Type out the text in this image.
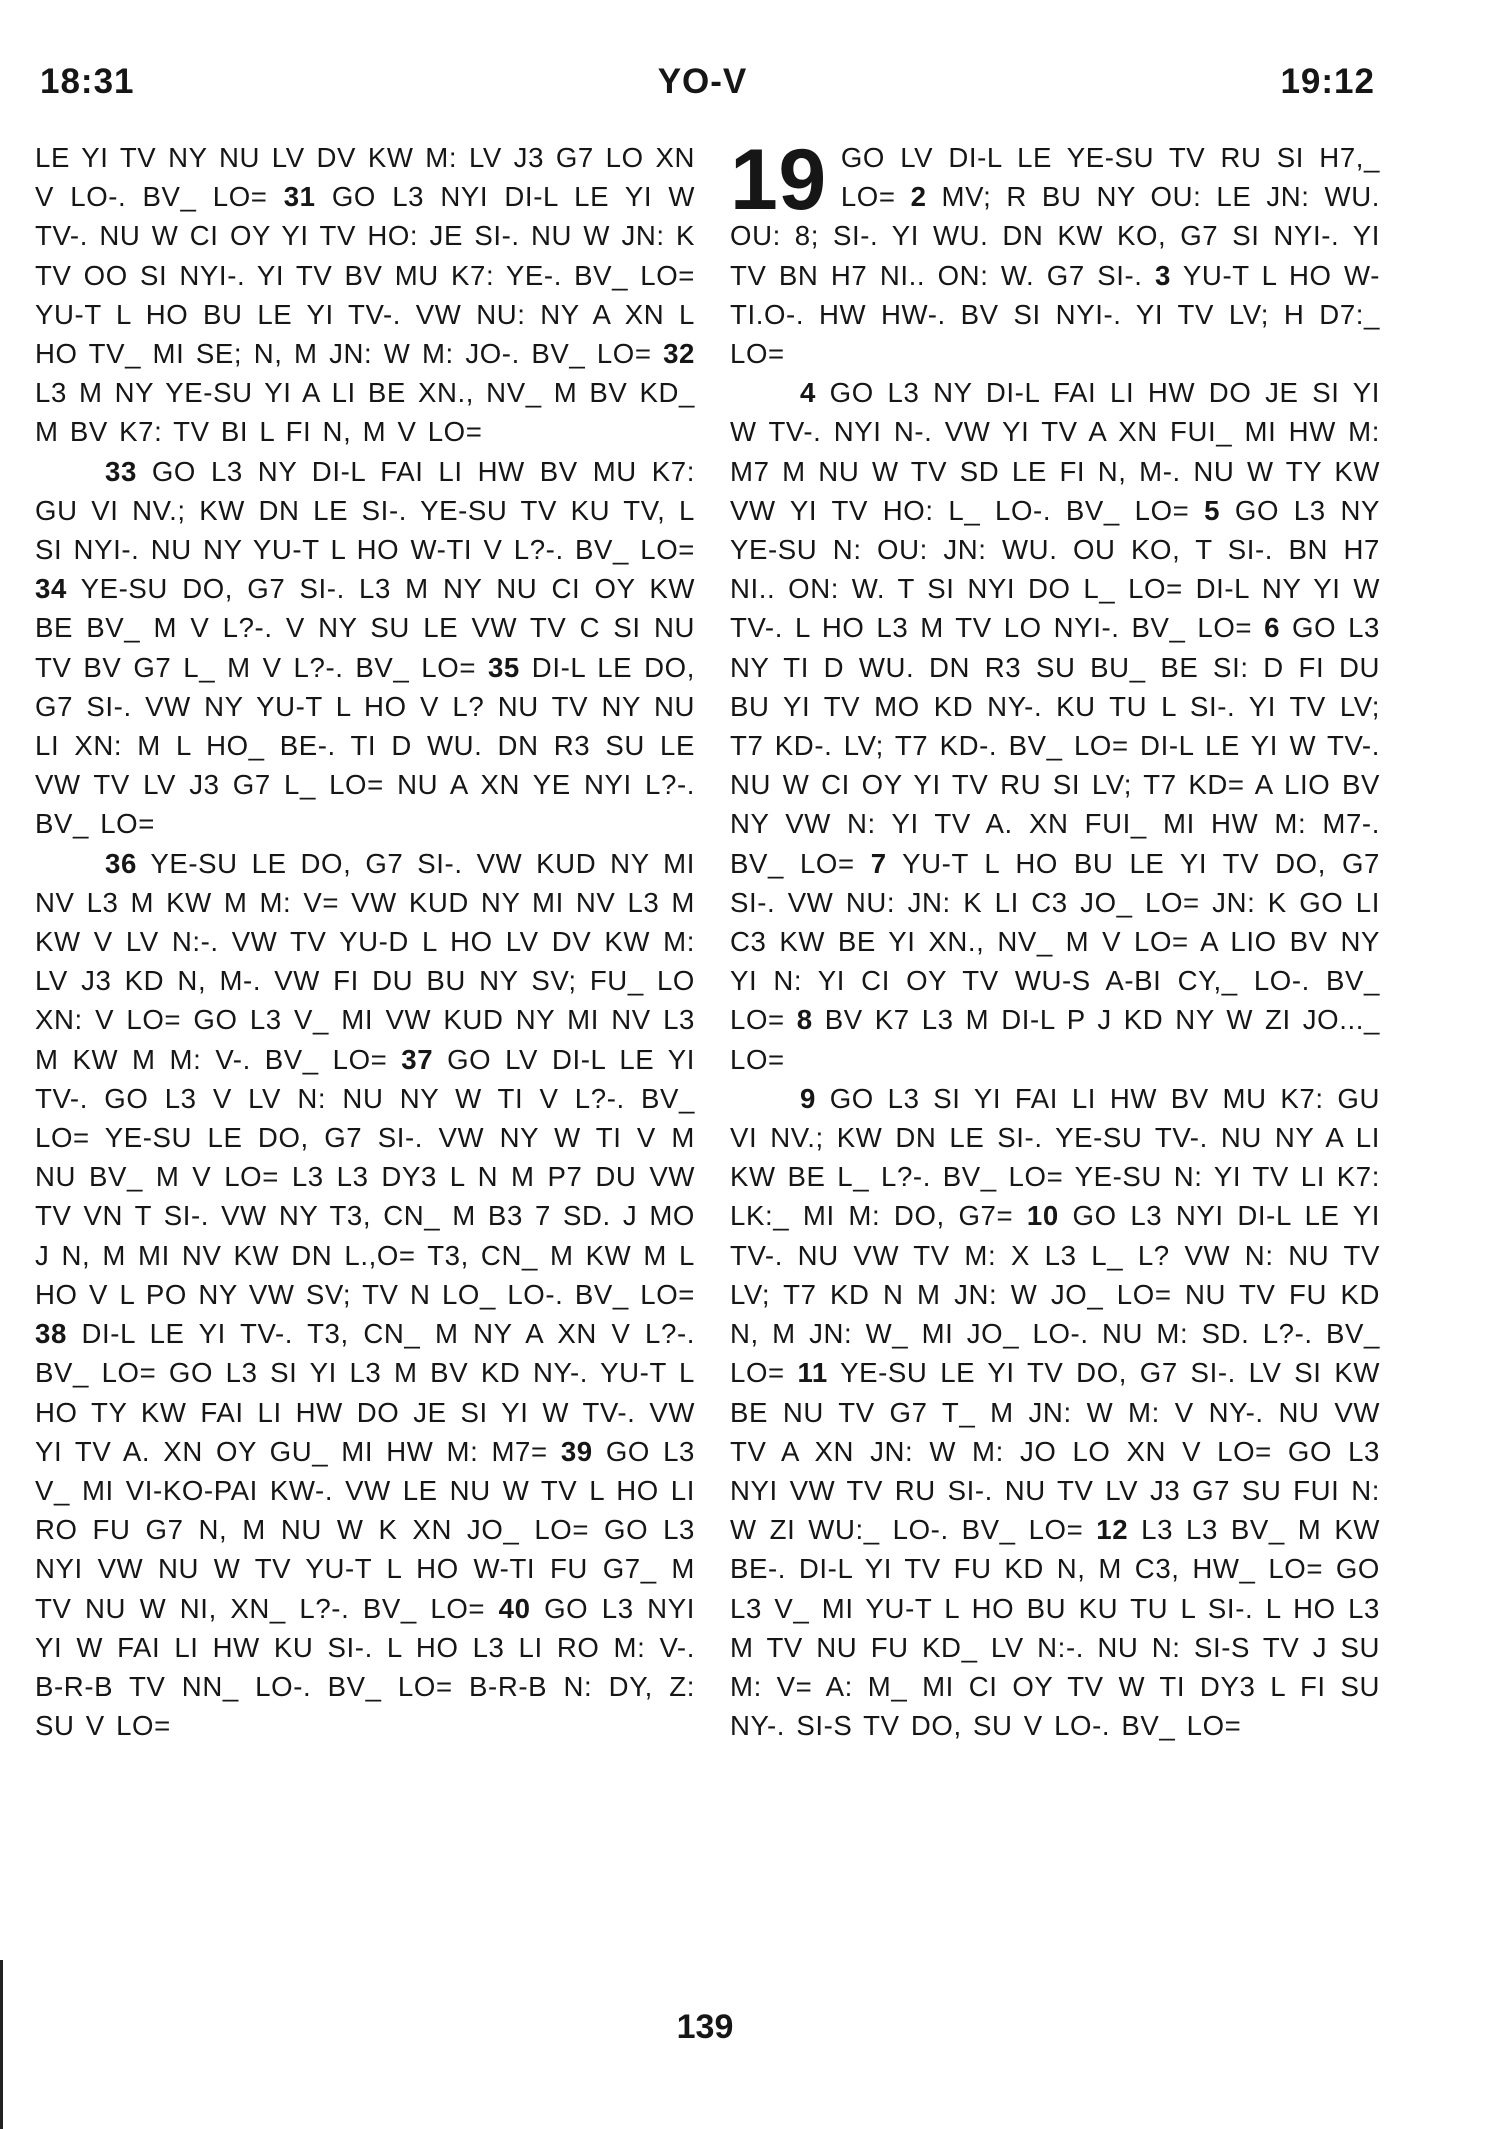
18:31	YO-V	19:12

LE YI TV NY NU LV DV KW M: LV J3 G7 LO XN V LO-. BV_ LO= 31 GO L3 NYI DI-L LE YI W TV-. NU W CI OY YI TV HO: JE SI-. NU W JN: K TV OO SI NYI-. YI TV BV MU K7: YE-. BV_ LO= YU-T L HO BU LE YI TV-. VW NU: NY A XN L HO TV_ MI SE; N, M JN: W M: JO-. BV_ LO= 32 L3 M NY YE-SU YI A LI BE XN., NV_ M BV KD_ M BV K7: TV BI L FI N, M V LO=

33 GO L3 NY DI-L FAI LI HW BV MU K7: GU VI NV.; KW DN LE SI-. YE-SU TV KU TV, L SI NYI-. NU NY YU-T L HO W-TI V L?-. BV_ LO= 34 YE-SU DO, G7 SI-. L3 M NY NU CI OY KW BE BV_ M V L?-. V NY SU LE VW TV C SI NU TV BV G7 L_ M V L?-. BV_ LO= 35 DI-L LE DO, G7 SI-. VW NY YU-T L HO V L? NU TV NY NU LI XN: M L HO_ BE-. TI D WU. DN R3 SU LE VW TV LV J3 G7 L_ LO= NU A XN YE NYI L?-. BV_ LO=

36 YE-SU LE DO, G7 SI-. VW KUD NY MI NV L3 M KW M M: V= VW KUD NY MI NV L3 M KW V LV N:-. VW TV YU-D L HO LV DV KW M: LV J3 KD N, M-. VW FI DU BU NY SV; FU_ LO XN: V LO= GO L3 V_ MI VW KUD NY MI NV L3 M KW M M: V-. BV_ LO= 37 GO LV DI-L LE YI TV-. GO L3 V LV N: NU NY W TI V L?-. BV_ LO= YE-SU LE DO, G7 SI-. VW NY W TI V M NU BV_ M V LO= L3 L3 DY3 L N M P7 DU VW TV VN T SI-. VW NY T3, CN_ M B3 7 SD. J MO J N, M MI NV KW DN L.,O= T3, CN_ M KW M L HO V L PO NY VW SV; TV N LO_ LO-. BV_ LO= 38 DI-L LE YI TV-. T3, CN_ M NY A XN V L?-. BV_ LO= GO L3 SI YI L3 M BV KD NY-. YU-T L HO TY KW FAI LI HW DO JE SI YI W TV-. VW YI TV A. XN OY GU_ MI HW M: M7= 39 GO L3 V_ MI VI-KO-PAI KW-. VW LE NU W TV L HO LI RO FU G7 N, M NU W K XN JO_ LO= GO L3 NYI VW NU W TV YU-T L HO W-TI FU G7_ M TV NU W NI, XN_ L?-. BV_ LO= 40 GO L3 NYI YI W FAI LI HW KU SI-. L HO L3 LI RO M: V-. B-R-B TV NN_ LO-. BV_ LO= B-R-B N: DY, Z: SU V LO=

19 GO LV DI-L LE YE-SU TV RU SI H7,_ LO= 2 MV; R BU NY OU: LE JN: WU. OU: 8; SI-. YI WU. DN KW KO, G7 SI NYI-. YI TV BN H7 NI.. ON: W. G7 SI-. 3 YU-T L HO W-TI.O-. HW HW-. BV SI NYI-. YI TV LV; H D7:_ LO=

4 GO L3 NY DI-L FAI LI HW DO JE SI YI W TV-. NYI N-. VW YI TV A XN FUI_ MI HW M: M7 M NU W TV SD LE FI N, M-. NU W TY KW VW YI TV HO: L_ LO-. BV_ LO= 5 GO L3 NY YE-SU N: OU: JN: WU. OU KO, T SI-. BN H7 NI.. ON: W. T SI NYI DO L_ LO= DI-L NY YI W TV-. L HO L3 M TV LO NYI-. BV_ LO= 6 GO L3 NY TI D WU. DN R3 SU BU_ BE SI: D FI DU BU YI TV MO KD NY-. KU TU L SI-. YI TV LV; T7 KD-. LV; T7 KD-. BV_ LO= DI-L LE YI W TV-. NU W CI OY YI TV RU SI LV; T7 KD= A LIO BV NY VW N: YI TV A. XN FUI_ MI HW M: M7-. BV_ LO= 7 YU-T L HO BU LE YI TV DO, G7 SI-. VW NU: JN: K LI C3 JO_ LO= JN: K GO LI C3 KW BE YI XN., NV_ M V LO= A LIO BV NY YI N: YI CI OY TV WU-S A-BI CY,_ LO-. BV_ LO= 8 BV K7 L3 M DI-L P J KD NY W ZI JO..._ LO=

9 GO L3 SI YI FAI LI HW BV MU K7: GU VI NV.; KW DN LE SI-. YE-SU TV-. NU NY A LI KW BE L_ L?-. BV_ LO= YE-SU N: YI TV LI K7: LK:_ MI M: DO, G7= 10 GO L3 NYI DI-L LE YI TV-. NU VW TV M: X L3 L_ L? VW N: NU TV LV; T7 KD N M JN: W JO_ LO= NU TV FU KD N, M JN: W_ MI JO_ LO-. NU M: SD. L?-. BV_ LO= 11 YE-SU LE YI TV DO, G7 SI-. LV SI KW BE NU TV G7 T_ M JN: W M: V NY-. NU VW TV A XN JN: W M: JO LO XN V LO= GO L3 NYI VW TV RU SI-. NU TV LV J3 G7 SU FUI N: W ZI WU:_ LO-. BV_ LO= 12 L3 L3 BV_ M KW BE-. DI-L YI TV FU KD N, M C3, HW_ LO= GO L3 V_ MI YU-T L HO BU KU TU L SI-. L HO L3 M TV NU FU KD_ LV N:-. NU N: SI-S TV J SU M: V= A: M_ MI CI OY TV W TI DY3 L FI SU NY-. SI-S TV DO, SU V LO-. BV_ LO=

139
